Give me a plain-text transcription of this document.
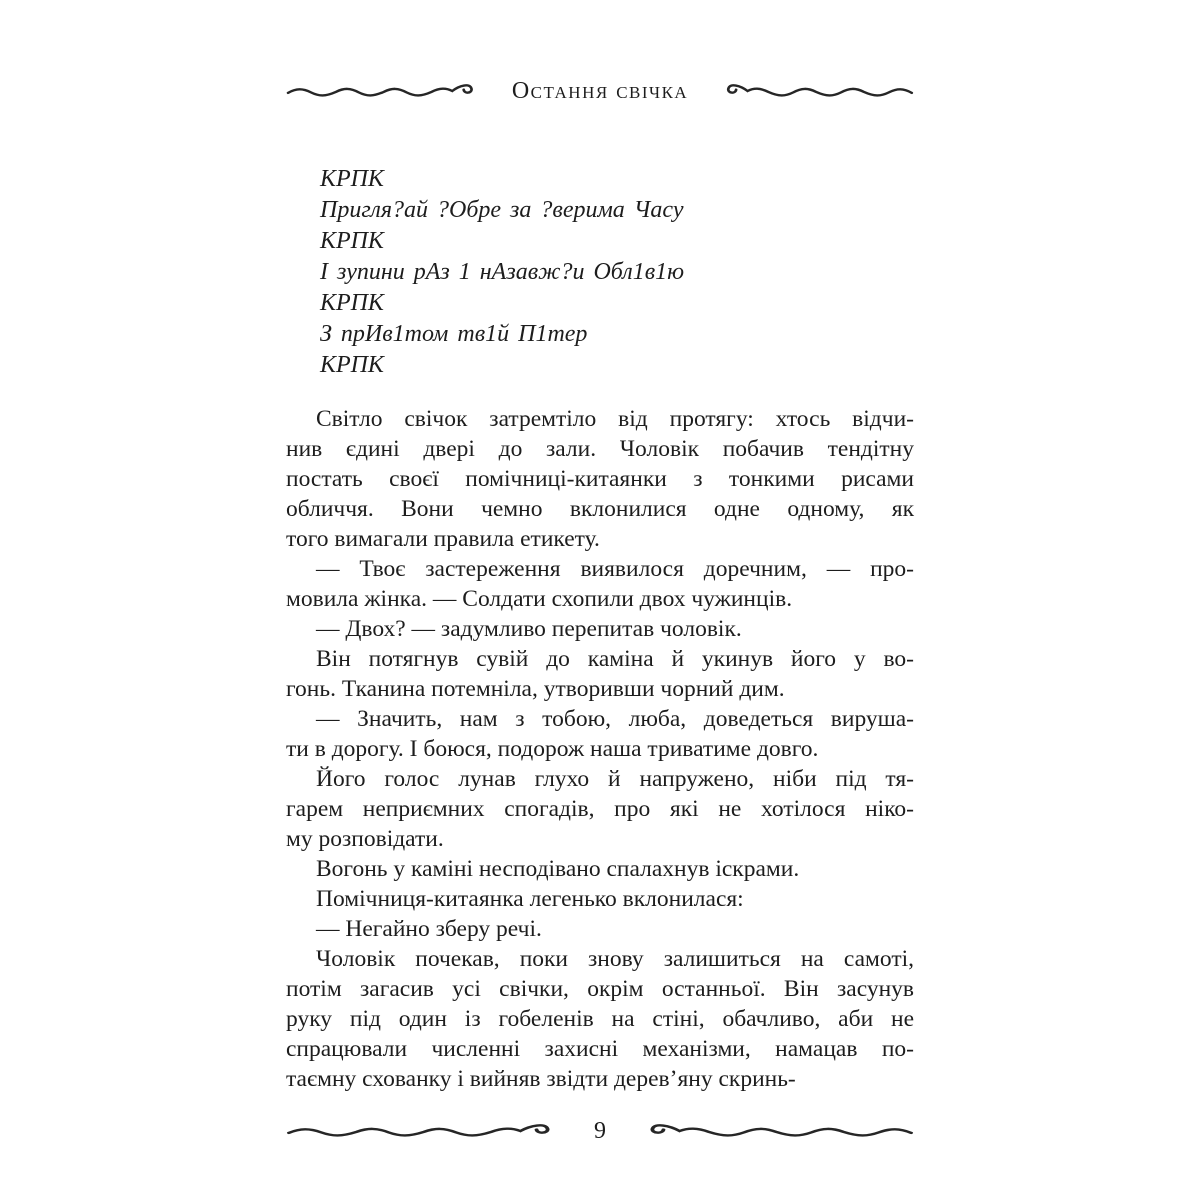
Остання свічка
КРПК
Пригля?ай ?Обре за ?верима Часу
КРПК
І зупини рАз 1 нАзавж?и Обл1в1ю
КРПК
З прИв1том тв1й П1тер
КРПК
Світло свічок затремтіло від протягу: хтось відчи-
нив єдині двері до зали. Чоловік побачив тендітну
постать своєї помічниці-китаянки з тонкими рисами
обличчя. Вони чемно вклонилися одне одному, як
того вимагали правила етикету.
— Твоє застереження виявилося доречним, — про-
мовила жінка. — Солдати схопили двох чужинців.
— Двох? — задумливо перепитав чоловік.
Він потягнув сувій до каміна й укинув його у во-
гонь. Тканина потемніла, утворивши чорний дим.
— Значить, нам з тобою, люба, доведеться вируша-
ти в дорогу. І боюся, подорож наша триватиме довго.
Його голос лунав глухо й напружено, ніби під тя-
гарем неприємних спогадів, про які не хотілося ніко-
му розповідати.
Вогонь у каміні несподівано спалахнув іскрами.
Помічниця-китаянка легенько вклонилася:
— Негайно зберу речі.
Чоловік почекав, поки знову залишиться на самоті,
потім загасив усі свічки, окрім останньої. Він засунув
руку під один із гобеленів на стіні, обачливо, аби не
спрацювали численні захисні механізми, намацав по-
таємну схованку і вийняв звідти дерев’яну скринь-
9
